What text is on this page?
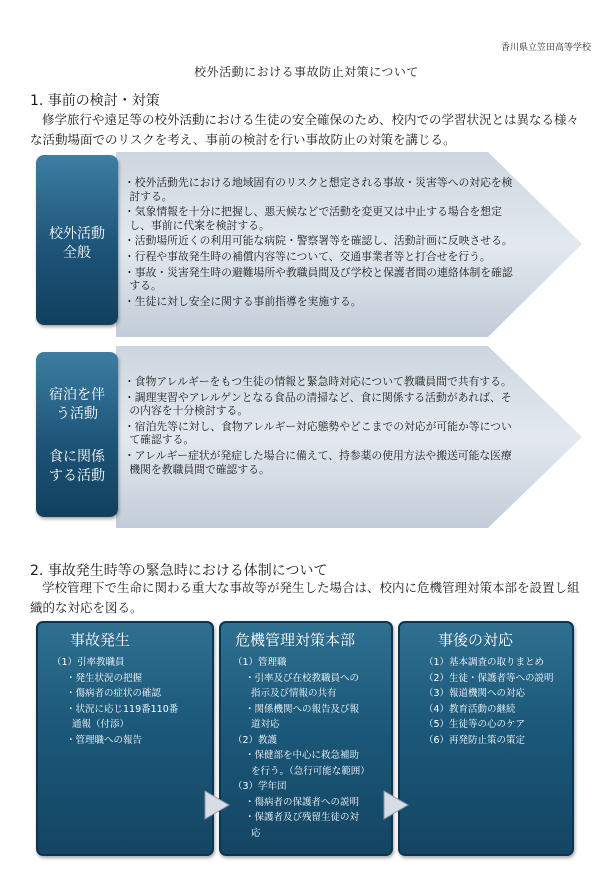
香川県立笠田高等学校
校外活動における事故防止対策について
1. 事前の検討・対策
修学旅行や遠足等の校外活動における生徒の安全確保のため、校内での学習状況とは異なる様々な活動場面でのリスクを考え、事前の検討を行い事故防止の対策を講じる。
校外活動
全般
・ 校外活動先における地域固有のリスクと想定される事故・災害等への対応を検討する。
・ 気象情報を十分に把握し、悪天候などで活動を変更又は中止する場合を想定し、事前に代案を検討する。
・ 活動場所近くの利用可能な病院・警察署等を確認し、活動計画に反映させる。
・ 行程や事故発生時の補償内容等について、交通事業者等と打合せを行う。
・ 事故・災害発生時の避難場所や教職員間及び学校と保護者間の連絡体制を確認する。
・ 生徒に対し安全に関する事前指導を実施する。
宿泊を伴
う活動
食に関係
する活動
・ 食物アレルギーをもつ生徒の情報と緊急時対応について教職員間で共有する。
・ 調理実習やアレルゲンとなる食品の清掃など、食に関係する活動があれば、その内容を十分検討する。
・ 宿泊先等に対し、食物アレルギー対応態勢やどこまでの対応が可能か等について確認する。
・ アレルギー症状が発症した場合に備えて、持参薬の使用方法や搬送可能な医療機関を教職員間で確認する。
2. 事故発生時等の緊急時における体制について
学校管理下で生命に関わる重大な事故等が発生した場合は、校内に危機管理対策本部を設置し組織的な対応を図る。
事故発生
（1）引率教職員
・発生状況の把握
・傷病者の症状の確認
・状況に応じ119番110番
通報（付添）
・管理職への報告
危機管理対策本部
（1）管理職
・引率及び在校教職員への
指示及び情報の共有
・関係機関への報告及び報
道対応
（2）教護
・保健部を中心に救急補助
を行う。（急行可能な範囲）
（3）学年団
・傷病者の保護者への説明
・保護者及び残留生徒の対
応
事後の対応
（1）基本調査の取りまとめ
（2）生徒・保護者等への説明
（3）報道機関への対応
（4）教育活動の継続
（5）生徒等の心のケア
（6）再発防止策の策定
